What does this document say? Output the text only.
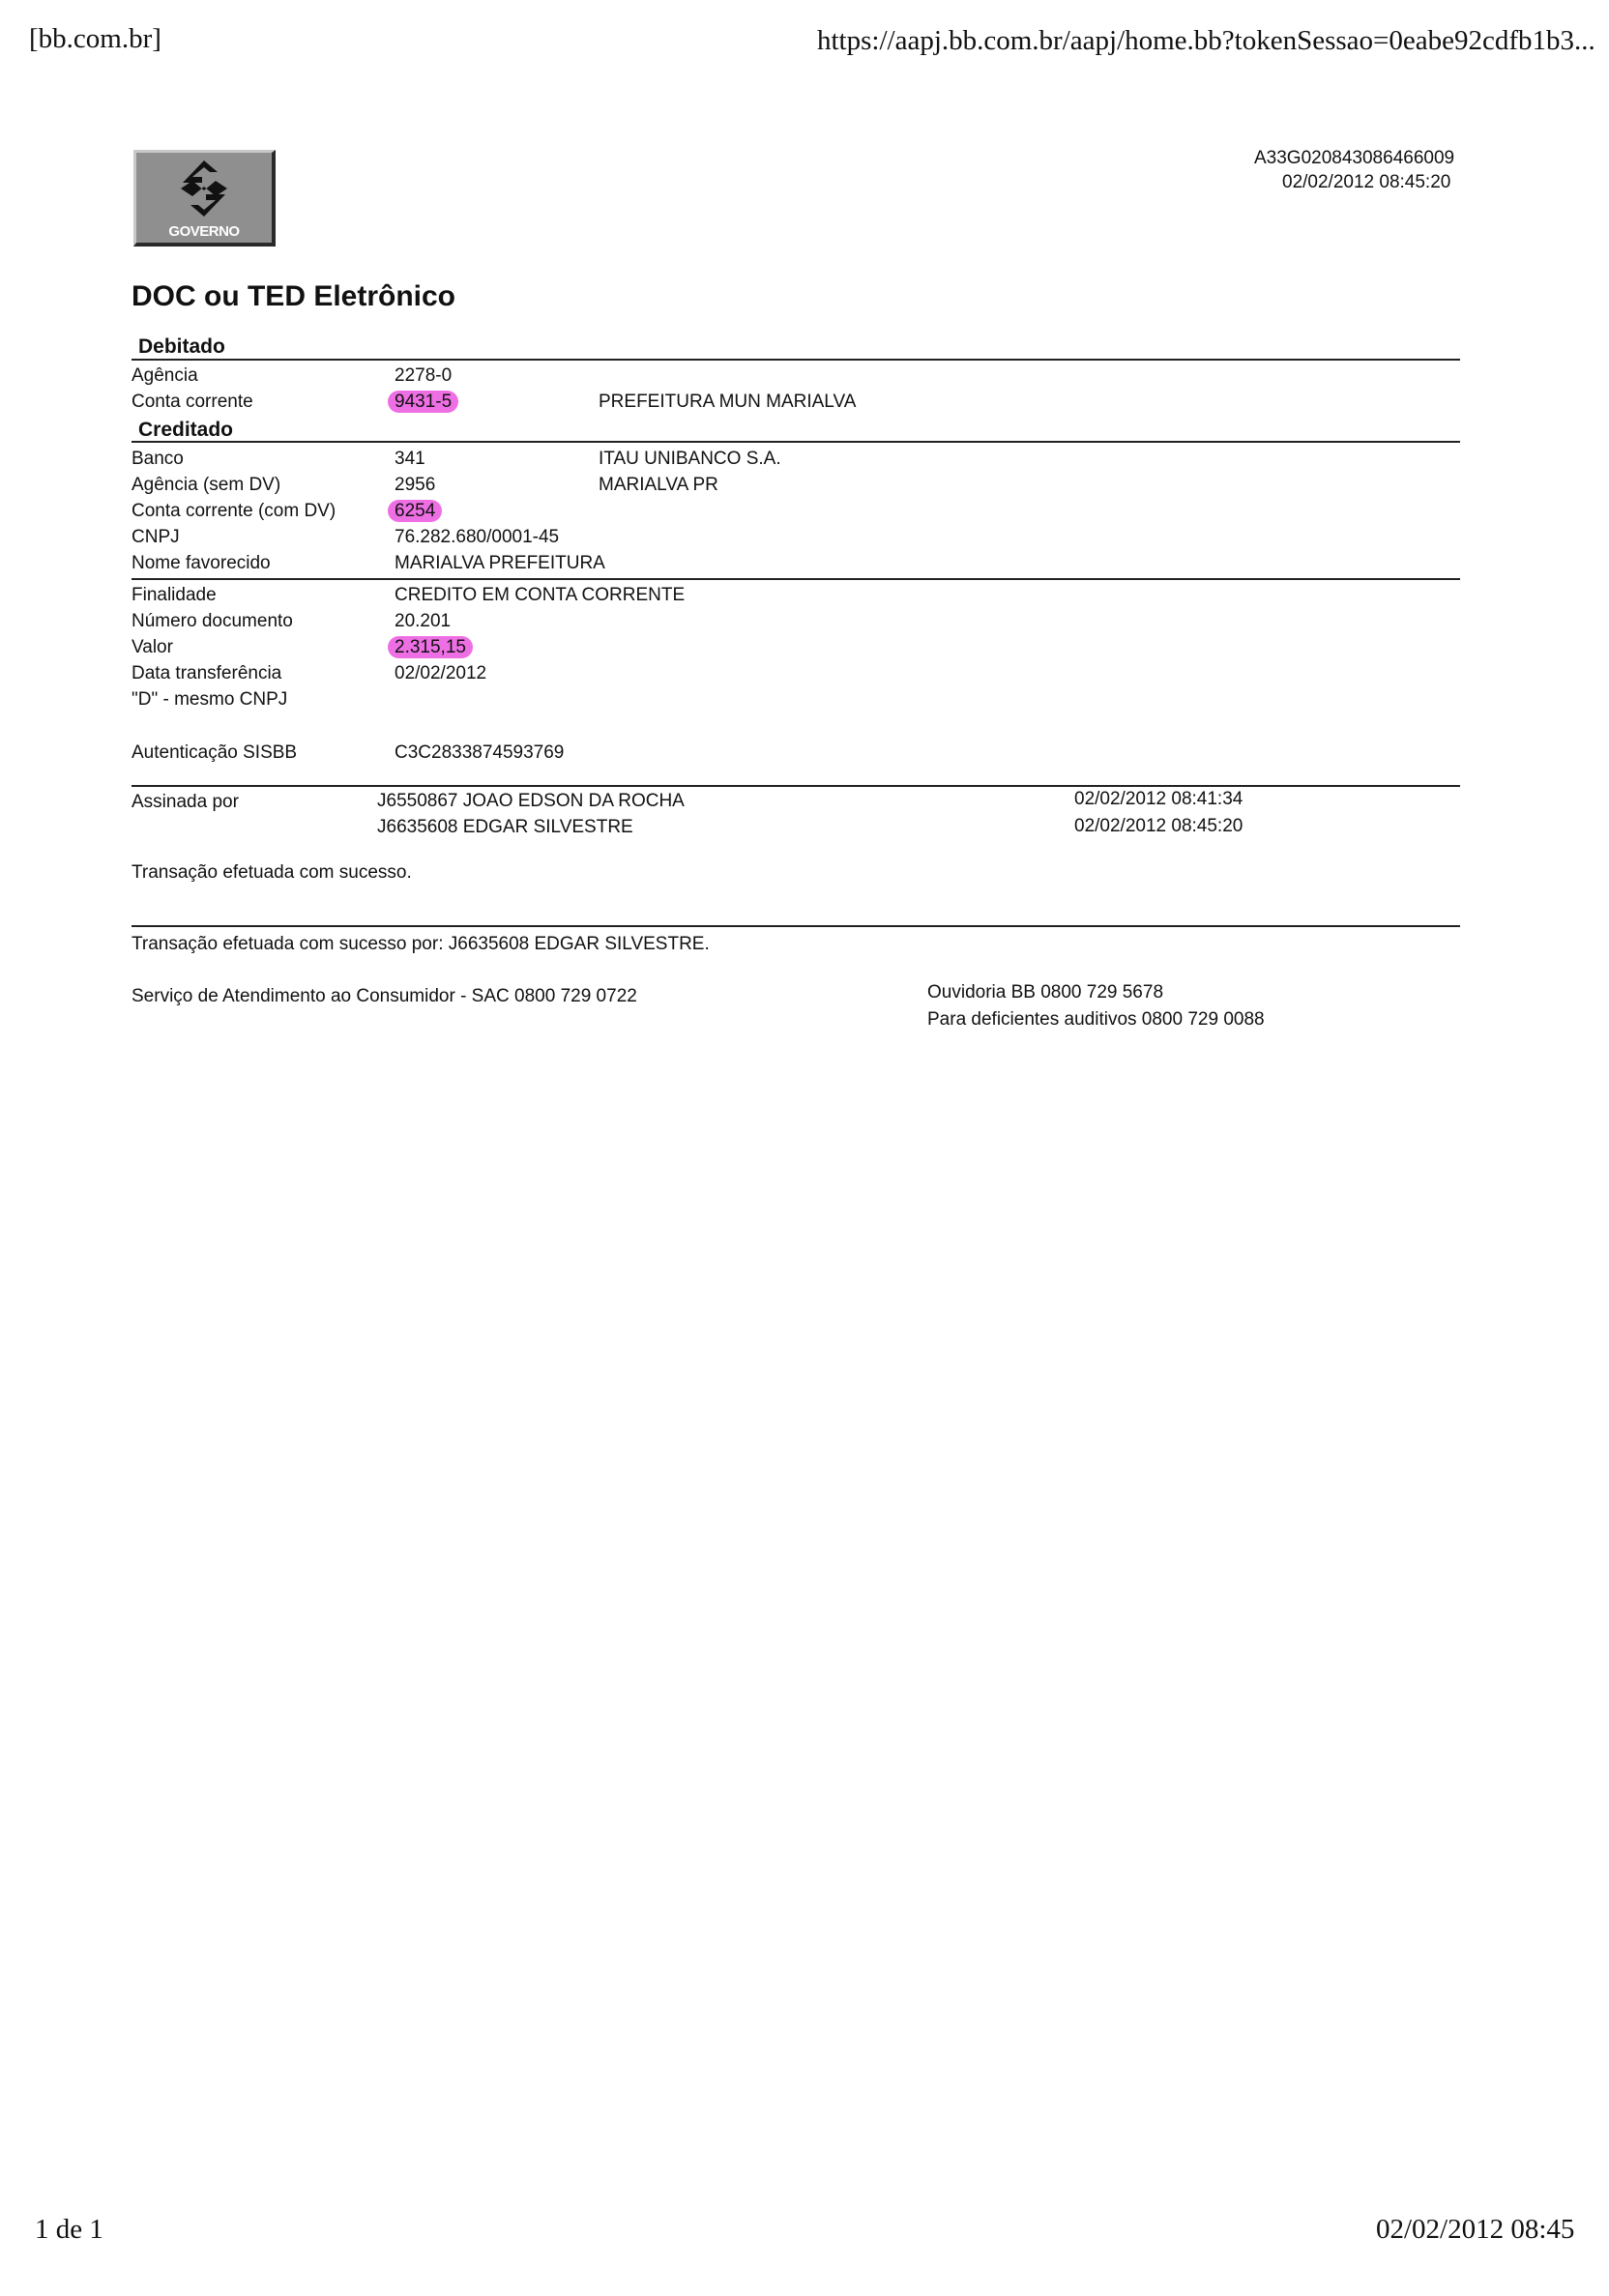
[bb.com.br]	https://aapj.bb.com.br/aapj/home.bb?tokenSessao=0eabe92cdfb1b3...
GOVERNO
A33G020843086466009
02/02/2012 08:45:20
DOC ou TED Eletrônico
Debitado
Agência	2278-0
Conta corrente	9431-5	PREFEITURA MUN MARIALVA
Creditado
Banco	341	ITAU UNIBANCO S.A.
Agência (sem DV)	2956	MARIALVA PR
Conta corrente (com DV)	6254
CNPJ	76.282.680/0001-45
Nome favorecido	MARIALVA PREFEITURA
Finalidade	CREDITO EM CONTA CORRENTE
Número documento	20.201
Valor	2.315,15
Data transferência	02/02/2012
"D" - mesmo CNPJ
Autenticação SISBB	C3C2833874593769
Assinada por	J6550867 JOAO EDSON DA ROCHA	02/02/2012 08:41:34
J6635608 EDGAR SILVESTRE	02/02/2012 08:45:20
Transação efetuada com sucesso.
Transação efetuada com sucesso por: J6635608 EDGAR SILVESTRE.
Serviço de Atendimento ao Consumidor - SAC 0800 729 0722	Ouvidoria BB 0800 729 5678
Para deficientes auditivos 0800 729 0088
1 de 1	02/02/2012 08:45
